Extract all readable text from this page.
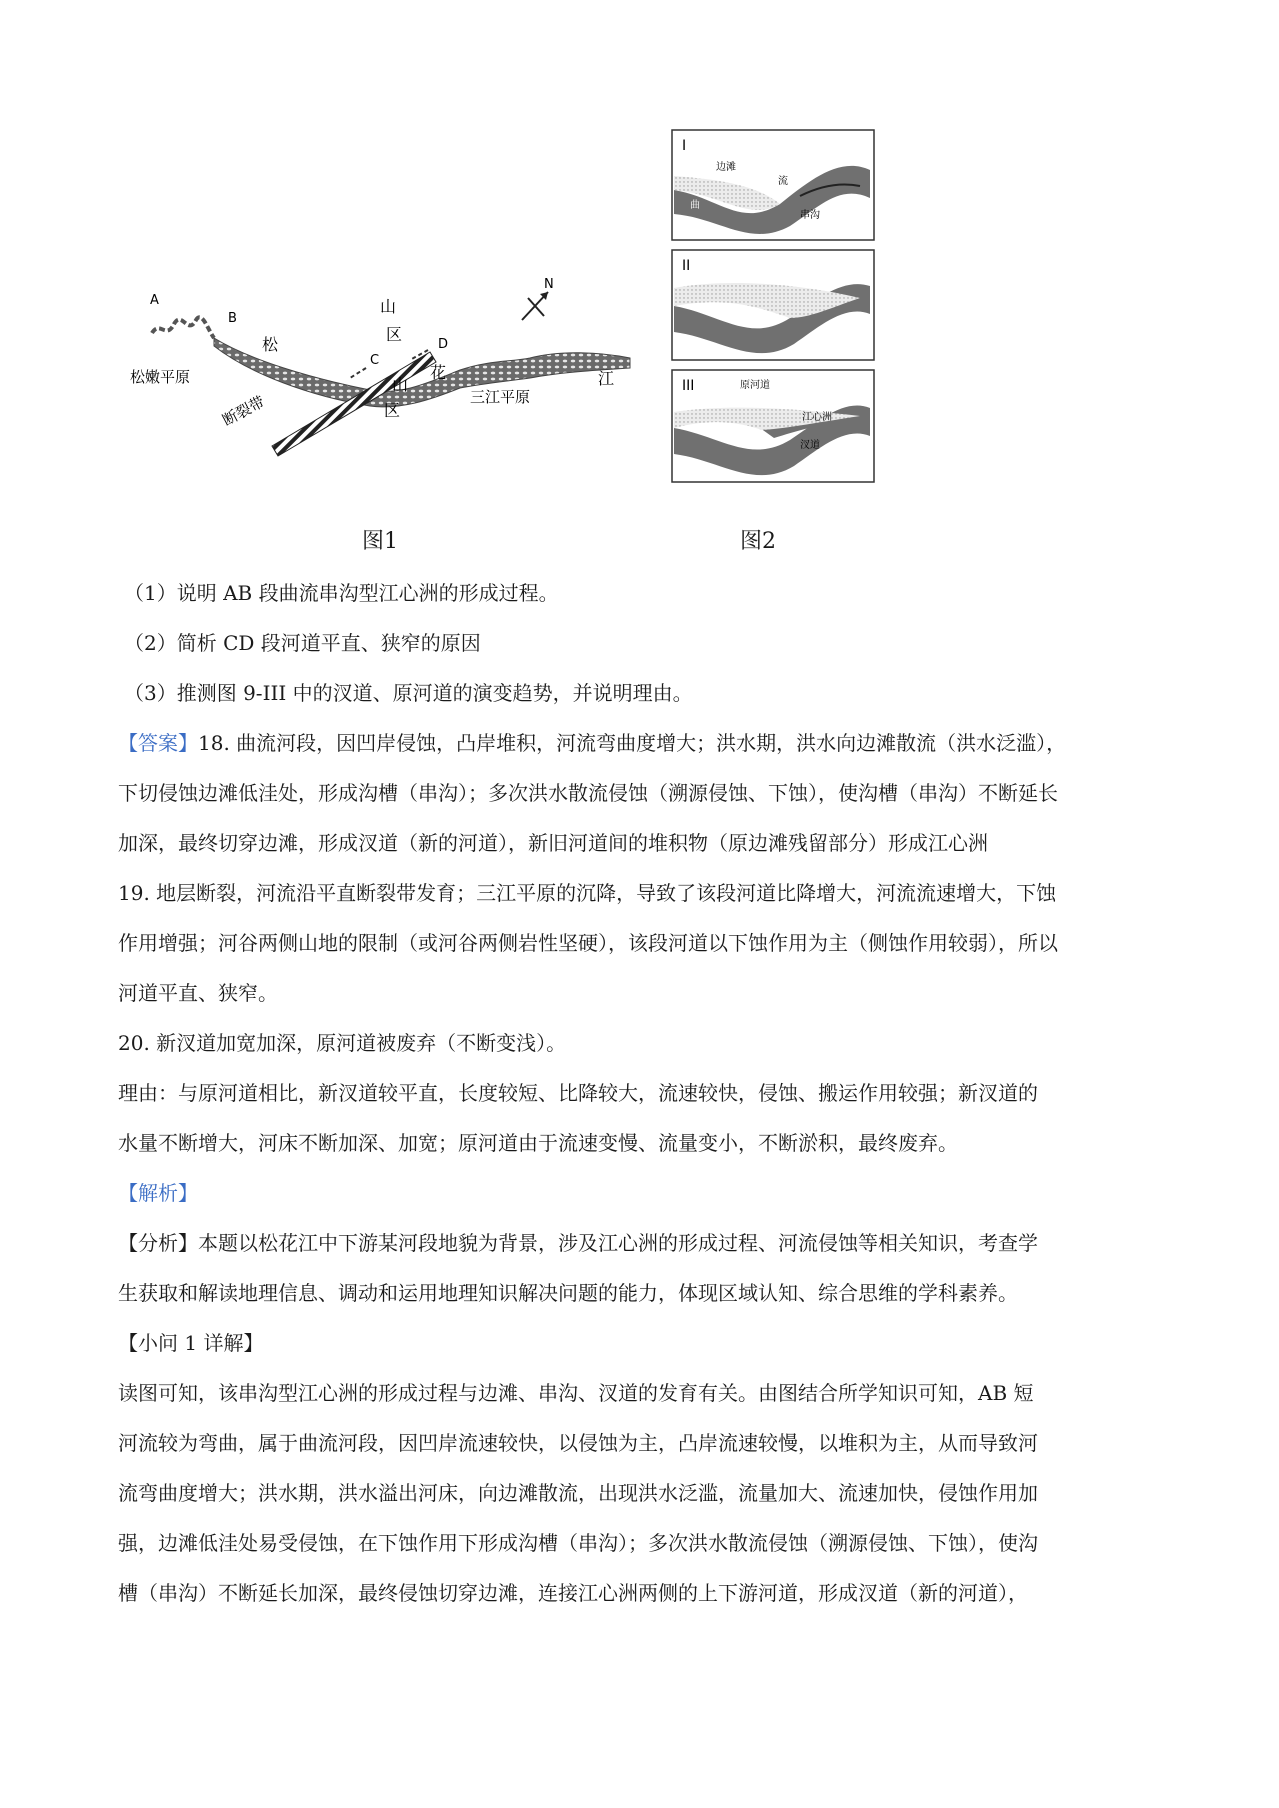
A
B
C
D
N
松
花	江
松嫩平原
三江平原
断裂带
山
区
山
区
I
边滩
流
曲
串沟
II
III	原河道
江心洲
汊道
图1	图2
（1）说明 AB 段曲流串沟型江心洲的形成过程。
（2）简析 CD 段河道平直、狭窄的原因
（3）推测图 9-III 中的汊道、原河道的演变趋势，并说明理由。
【答案】18. 曲流河段，因凹岸侵蚀，凸岸堆积，河流弯曲度增大；洪水期，洪水向边滩散流（洪水泛滥），
下切侵蚀边滩低洼处，形成沟槽（串沟）；多次洪水散流侵蚀（溯源侵蚀、下蚀），使沟槽（串沟）不断延长
加深，最终切穿边滩，形成汊道（新的河道），新旧河道间的堆积物（原边滩残留部分）形成江心洲
19. 地层断裂，河流沿平直断裂带发育；三江平原的沉降，导致了该段河道比降增大，河流流速增大，下蚀
作用增强；河谷两侧山地的限制（或河谷两侧岩性坚硬），该段河道以下蚀作用为主（侧蚀作用较弱），所以
河道平直、狭窄。
20. 新汊道加宽加深，原河道被废弃（不断变浅）。
理由：与原河道相比，新汊道较平直，长度较短、比降较大，流速较快，侵蚀、搬运作用较强；新汊道的
水量不断增大，河床不断加深、加宽；原河道由于流速变慢、流量变小，不断淤积，最终废弃。
【解析】
【分析】本题以松花江中下游某河段地貌为背景，涉及江心洲的形成过程、河流侵蚀等相关知识，考查学
生获取和解读地理信息、调动和运用地理知识解决问题的能力，体现区域认知、综合思维的学科素养。
【小问 1 详解】
读图可知，该串沟型江心洲的形成过程与边滩、串沟、汊道的发育有关。由图结合所学知识可知，AB 短
河流较为弯曲，属于曲流河段，因凹岸流速较快，以侵蚀为主，凸岸流速较慢，以堆积为主，从而导致河
流弯曲度增大；洪水期，洪水溢出河床，向边滩散流，出现洪水泛滥，流量加大、流速加快，侵蚀作用加
强，边滩低洼处易受侵蚀，在下蚀作用下形成沟槽（串沟）；多次洪水散流侵蚀（溯源侵蚀、下蚀），使沟
槽（串沟）不断延长加深，最终侵蚀切穿边滩，连接江心洲两侧的上下游河道，形成汊道（新的河道），
